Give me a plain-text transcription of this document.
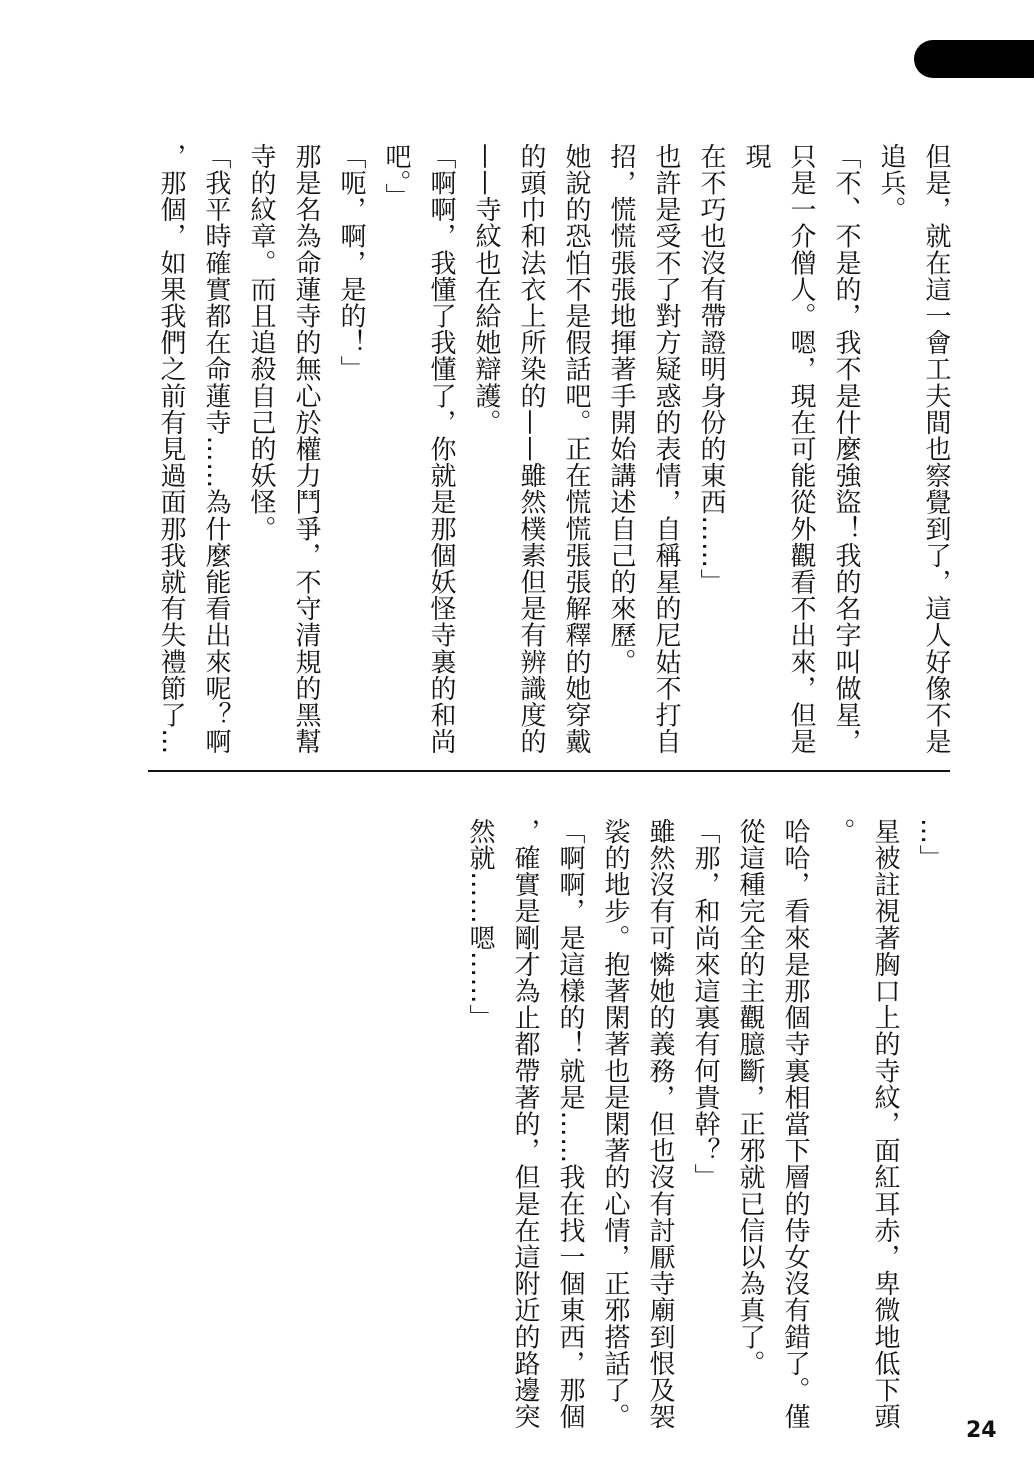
但是，就在這一會工夫間也察覺到了，這人好像不是

追兵。

「不、不是的，我不是什麼強盜！我的名字叫做星，

只是一介僧人。嗯，現在可能從外觀看不出來，但是

現

在不巧也沒有帶證明身份的東西……」

也許是受不了對方疑惑的表情，自稱星的尼姑不打自

招，慌慌張張地揮著手開始講述自己的來歷。

她說的恐怕不是假話吧。正在慌慌張張解釋的她穿戴

的頭巾和法衣上所染的——雖然樸素但是有辨識度的

——寺紋也在給她辯護。

「啊啊，我懂了我懂了，你就是那個妖怪寺裏的和尚

吧。」

「呃，啊，是的！」

那是名為命蓮寺的無心於權力鬥爭，不守清規的黑幫

寺的紋章。而且追殺自己的妖怪。

「我平時確實都在命蓮寺……為什麼能看出來呢？啊

，那個，如果我們之前有見過面那我就有失禮節了…

…」

星被註視著胸口上的寺紋，面紅耳赤，卑微地低下頭

。

哈哈，看來是那個寺裏相當下層的侍女沒有錯了。僅

從這種完全的主觀臆斷，正邪就已信以為真了。

「那，和尚來這裏有何貴幹？」

雖然沒有可憐她的義務，但也沒有討厭寺廟到恨及袈

裟的地步。抱著閑著也是閑著的心情，正邪搭話了。

「啊啊，是這樣的！就是……我在找一個東西，那個

，確實是剛才為止都帶著的，但是在這附近的路邊突

然就……嗯……」

24
